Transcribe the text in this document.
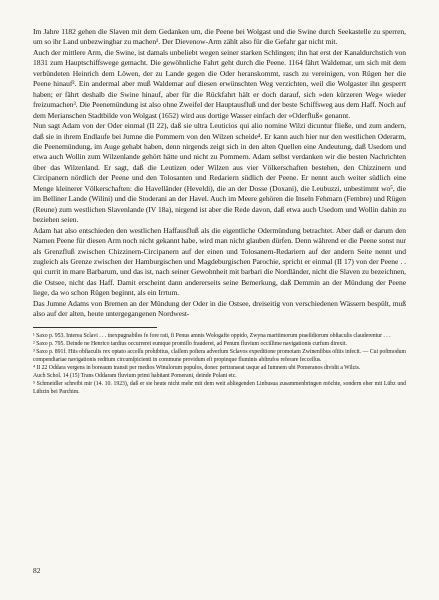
Im Jahre 1182 gehen die Slaven mit dem Gedanken um, die Peene bei Wolgast und die Swine durch Seekastelle zu sperren, um so ihr Land unbezwingbar zu machen¹. Der Dievenow-Arm zählt also für die Gefahr gar nicht mit.

Auch der mittlere Arm, die Swine, ist damals unbeliebt wegen seiner starken Schlingen; ihn hat erst der Kanaldurchstich von 1831 zum Hauptschiffswege gemacht. Die gewöhnliche Fahrt geht durch die Peene. 1164 fährt Waldemar, um sich mit dem verbündeten Heinrich dem Löwen, der zu Lande gegen die Oder heranskommt, rasch zu vereinigen, von Rügen her die Peene hinauf². Ein andermal aber muß Waldemar auf diesen erwünschten Weg verzichten, weil die Wolgaster ihn gesperrt haben; er fährt deshalb die Swine hinauf, aber für die Rückfahrt hält er doch darauf, sich »den kürzeren Weg« wieder freizumachen³. Die Peenemündung ist also ohne Zweifel der Hauptausfluß und der beste Schiffsweg aus dem Haff. Noch auf dem Merianschen Stadtbilde von Wolgast (1652) wird aus dortige Wasser einfach der »Oderfluß« genannt.

Nun sagt Adam von der Oder einmal (II 22), daß sie ultra Leuticios qui alio nomine Wilzi dicuntur fließe, und zum andern, daß sie in ihrem Endlaufe bei Jumne die Pommern von den Wilzen scheide⁴. Er kann auch hier nur den westlichen Oderarm, die Peenemündung, im Auge gehabt haben, denn nirgends zeigt sich in den alten Quellen eine Andeutung, daß Usedom und etwa auch Wollin zum Wilzenlande gehört hätte und nicht zu Pommern. Adam selbst verdanken wir die besten Nachrichten über das Wilzenland. Er sagt, daß die Leutizen oder Wilzen aus vier Völkerschaften bestehen, den Chizzinern und Circipanern nördlich der Peene und den Tolosanten und Redariern südlich der Peene. Er nennt auch weiter südlich eine Menge kleinerer Völkerschaften: die Havelländer (Heveldi), die an der Dosse (Doxani), die Leubuzzi, unbestimmt wo⁵, die im Belliner Lande (Wilini) und die Stoderani an der Havel. Auch im Meere gehören die Inseln Fehmarn (Fembre) und Rügen (Reune) zum westlichen Slavenlande (IV 18a), nirgend ist aber die Rede davon, daß etwa auch Usedom und Wollin dahin zu beziehen seien.

Adam hat also entschieden den westlichen Haffausfluß als die eigentliche Odermündung betrachtet. Aber daß er darum den Namen Peene für diesen Arm noch nicht gekannt habe, wird man nicht glauben dürfen. Denn während er die Peene sonst nur als Grenzfluß zwischen Chizzinern-Circipanern auf der einen und Tolosanern-Redariern auf der andern Seite nennt und zugleich als Grenze zwischen der Hamburgischen und Magdeburgischen Parochie, spricht er einmal (II 17) von der Peene . . qui currit in mare Barbarum, und das ist, nach seiner Gewohnheit mit barbari die Nordländer, nicht die Slaven zu bezeichnen, die Ostsee, nicht das Haff. Damit erscheint dann andererseits seine Bemerkung, daß Demmin an der Mündung der Peene liege, da wo schon Rügen beginnt, als ein Irrtum.

Das Jumne Adams von Bremen an der Mündung der Oder in die Ostsee, dreiseitig von verschiedenen Wässern bespült, muß also auf der alten, heute untergegangenen Nordwest-

¹ Saxo p. 953. Interea Sclavi . . . inexpugnabiles fe fore rati, fi Penus amnis Wologafte oppido, Zwyna maritimorum praeſidiorum obſtaculis clauderentur . . .

² Saxo p. 795. Deinde ne Henrico tardius occurreret eumque promiſſo frauderet, ad Penum fluvium occiſſime navigationis curfum direxit.

³ Saxo p. 891f. Hiis obſtaculis rex optato acceſſu prohibitus, claſſem poſtera adverſum Sclavos expeditione promotam Zwinenſibus oſtiis infecit. — Cui poſtmodum compendiariae navigationis reditum circumſpicienti in commune providum eſt propinque fluminis abſtrufos referare fecceſſus.

⁴ II 22 Oddara vergens in boreaum transit per medios Winulorum populos, donec pertranseat usque ad Iumnem ubi Pomeranos dividit a Wilzis.

Auch Schol. 14 (15) Trans Oddaram fluvium primi habitant Pomerani, deinde Polani etc.

⁵ Schmeidler schreibt mir (14. 10. 1923), daß er sie heute nicht mehr mit dem weit abliegenden Linbusua zusammenbringen möchte, sondern eher mit Lübz und Lübzin bei Parchim.

82
